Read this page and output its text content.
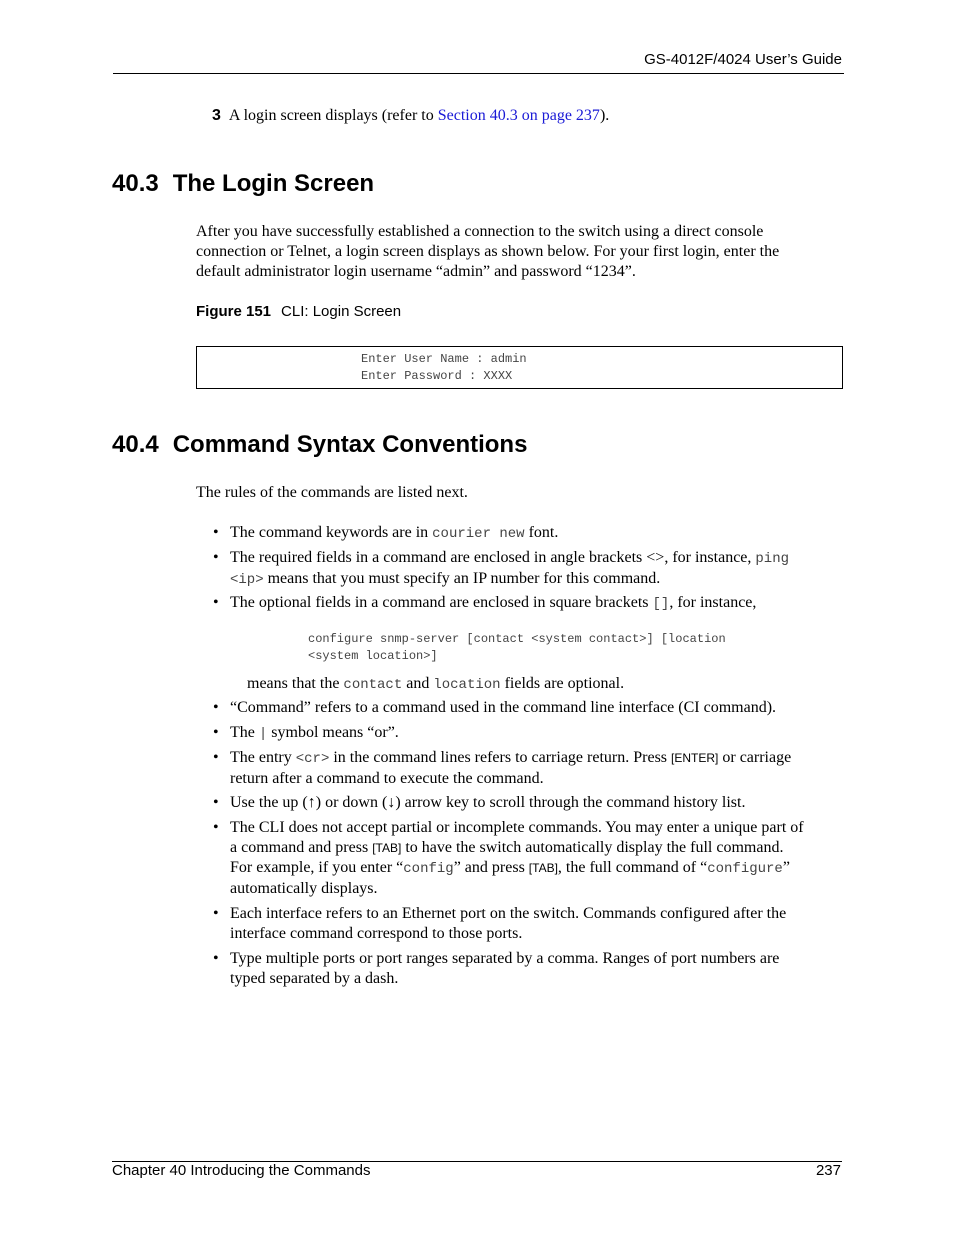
GS-4012F/4024 User’s Guide
3 A login screen displays (refer to Section 40.3 on page 237).
40.3 The Login Screen
After you have successfully established a connection to the switch using a direct console
connection or Telnet, a login screen displays as shown below. For your first login, enter the
default administrator login username “admin” and password “1234”.
Figure 151 CLI: Login Screen
Enter User Name : admin
Enter Password : XXXX
40.4 Command Syntax Conventions
The rules of the commands are listed next.
• The command keywords are in courier new font.
• The required fields in a command are enclosed in angle brackets <>, for instance, ping
<ip> means that you must specify an IP number for this command.
• The optional fields in a command are enclosed in square brackets [], for instance,
configure snmp-server [contact <system contact>] [location
<system location>]
means that the contact and location fields are optional.
• “Command” refers to a command used in the command line interface (CI command).
• The | symbol means “or”.
• The entry <cr> in the command lines refers to carriage return. Press [ENTER] or carriage
return after a command to execute the command.
• Use the up (↑) or down (↓) arrow key to scroll through the command history list.
• The CLI does not accept partial or incomplete commands. You may enter a unique part of
a command and press [TAB] to have the switch automatically display the full command.
For example, if you enter “config” and press [TAB], the full command of “configure”
automatically displays.
• Each interface refers to an Ethernet port on the switch. Commands configured after the
interface command correspond to those ports.
• Type multiple ports or port ranges separated by a comma. Ranges of port numbers are
typed separated by a dash.
Chapter 40 Introducing the Commands	237
